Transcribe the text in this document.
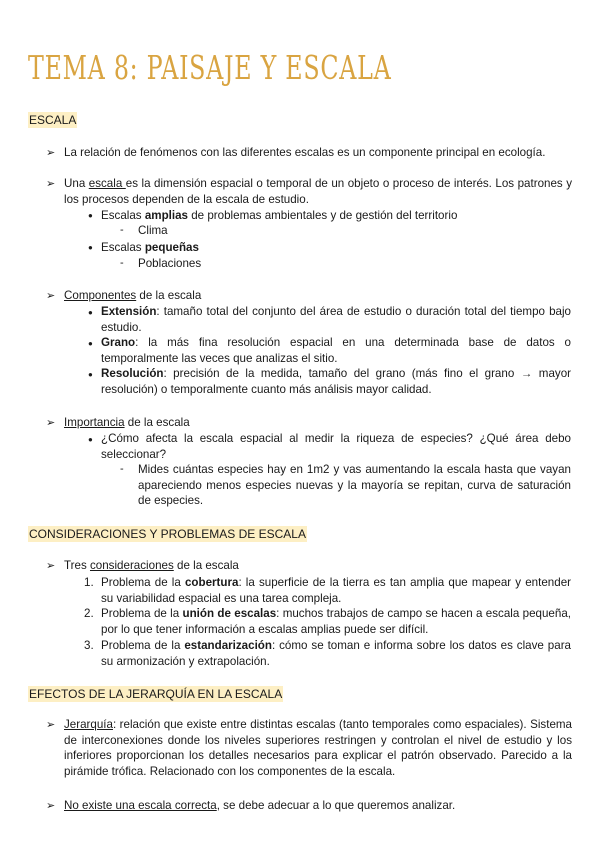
TEMA 8: PAISAJE Y ESCALA
ESCALA
➢ La relación de fenómenos con las diferentes escalas es un componente principal en ecología.
➢ Una escala es la dimensión espacial o temporal de un objeto o proceso de interés. Los patrones y los procesos dependen de la escala de estudio.
● Escalas amplias de problemas ambientales y de gestión del territorio
- Clima
● Escalas pequeñas
- Poblaciones
➢ Componentes de la escala
● Extensión: tamaño total del conjunto del área de estudio o duración total del tiempo bajo estudio.
● Grano: la más fina resolución espacial en una determinada base de datos o temporalmente las veces que analizas el sitio.
● Resolución: precisión de la medida, tamaño del grano (más fino el grano → mayor resolución) o temporalmente cuanto más análisis mayor calidad.
➢ Importancia de la escala
● ¿Cómo afecta la escala espacial al medir la riqueza de especies? ¿Qué área debo seleccionar?
- Mides cuántas especies hay en 1m2 y vas aumentando la escala hasta que vayan apareciendo menos especies nuevas y la mayoría se repitan, curva de saturación de especies.
CONSIDERACIONES Y PROBLEMAS DE ESCALA
➢ Tres consideraciones de la escala
1. Problema de la cobertura: la superficie de la tierra es tan amplia que mapear y entender su variabilidad espacial es una tarea compleja.
2. Problema de la unión de escalas: muchos trabajos de campo se hacen a escala pequeña, por lo que tener información a escalas amplias puede ser difícil.
3. Problema de la estandarización: cómo se toman e informa sobre los datos es clave para su armonización y extrapolación.
EFECTOS DE LA JERARQUÍA EN LA ESCALA
➢ Jerarquía: relación que existe entre distintas escalas (tanto temporales como espaciales). Sistema de interconexiones donde los niveles superiores restringen y controlan el nivel de estudio y los inferiores proporcionan los detalles necesarios para explicar el patrón observado. Parecido a la pirámide trófica. Relacionado con los componentes de la escala.
➢ No existe una escala correcta, se debe adecuar a lo que queremos analizar.
